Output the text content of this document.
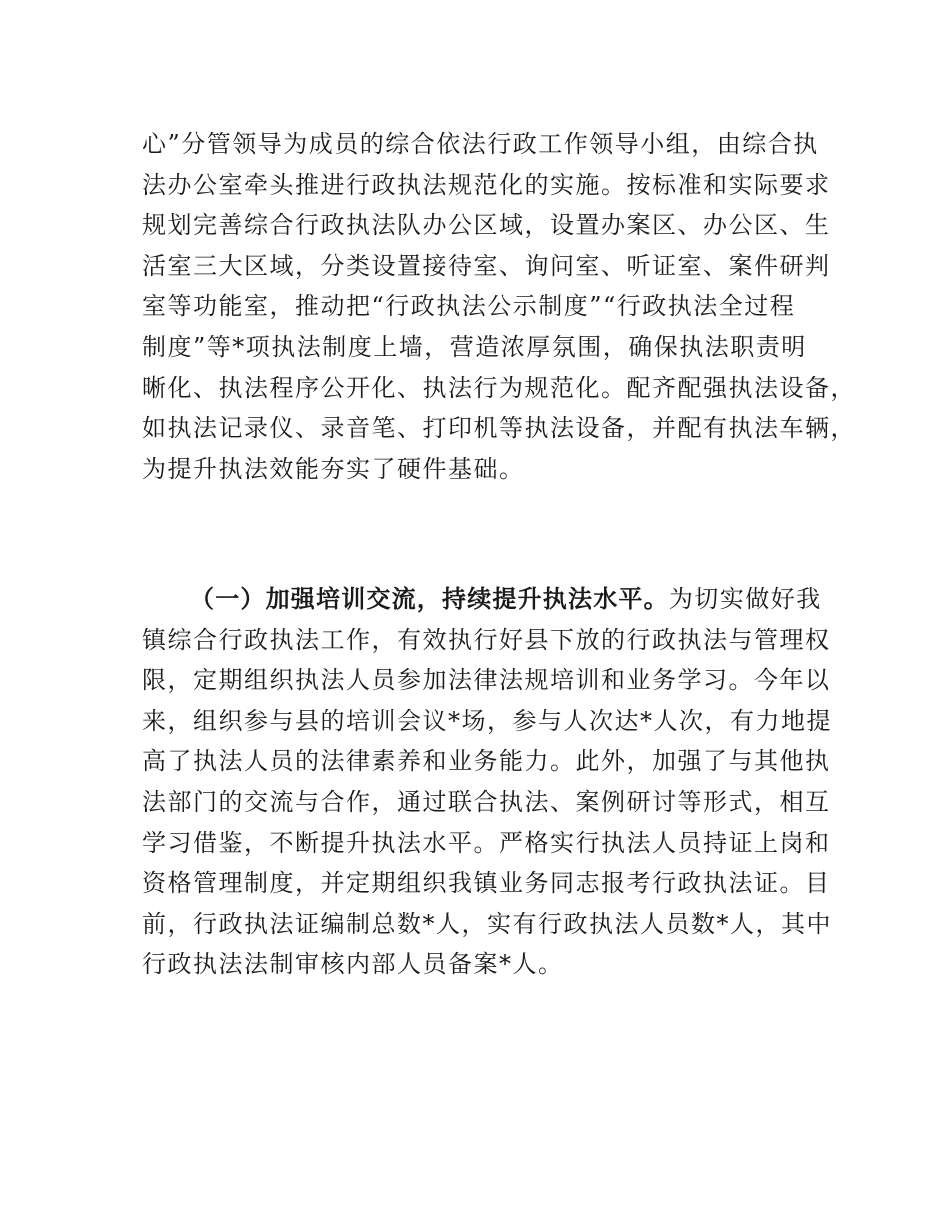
心”分管领导为成员的综合依法行政工作领导小组，由综合执
法办公室牵头推进行政执法规范化的实施。按标准和实际要求
规划完善综合行政执法队办公区域，设置办案区、办公区、生
活室三大区域，分类设置接待室、询问室、听证室、案件研判
室等功能室，推动把“行政执法公示制度”“行政执法全过程
制度”等*项执法制度上墙，营造浓厚氛围，确保执法职责明
晰化、执法程序公开化、执法行为规范化。配齐配强执法设备，
如执法记录仪、录音笔、打印机等执法设备，并配有执法车辆，
为提升执法效能夯实了硬件基础。
（一）加强培训交流，持续提升执法水平。为切实做好我
镇综合行政执法工作，有效执行好县下放的行政执法与管理权
限，定期组织执法人员参加法律法规培训和业务学习。今年以
来，组织参与县的培训会议*场，参与人次达*人次，有力地提
高了执法人员的法律素养和业务能力。此外，加强了与其他执
法部门的交流与合作，通过联合执法、案例研讨等形式，相互
学习借鉴，不断提升执法水平。严格实行执法人员持证上岗和
资格管理制度，并定期组织我镇业务同志报考行政执法证。目
前，行政执法证编制总数*人，实有行政执法人员数*人，其中
行政执法法制审核内部人员备案*人。
